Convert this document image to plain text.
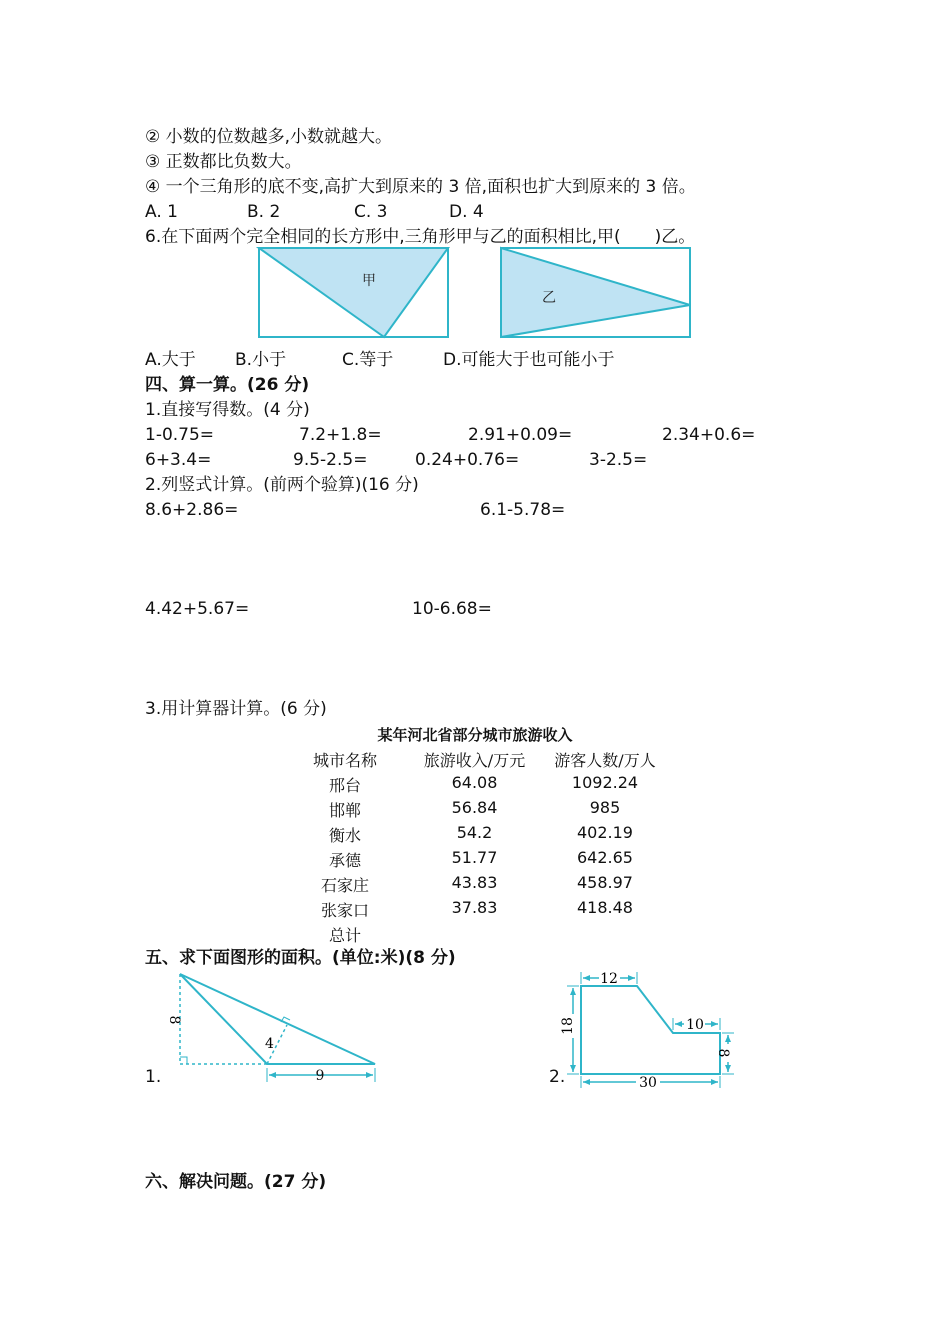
② 小数的位数越多,小数就越大。
③ 正数都比负数大。
④ 一个三角形的底不变,高扩大到原来的 3 倍,面积也扩大到原来的 3 倍。
A. 1	B. 2	C. 3	D. 4
6.在下面两个完全相同的长方形中,三角形甲与乙的面积相比,甲(　　)乙。
甲
乙
A.大于 B.小于	C.等于	D.可能大于也可能小于
四、算一算。(26 分)
1.直接写得数。(4 分)
1-0.75=	7.2+1.8=	2.91+0.09=	2.34+0.6=
6+3.4=	9.5-2.5=	0.24+0.76=	3-2.5=
2.列竖式计算。(前两个验算)(16 分)
8.6+2.86=	6.1-5.78=
4.42+5.67=	10-6.68=
3.用计算器计算。(6 分)
某年河北省部分城市旅游收入
城市名称	旅游收入/万元	游客人数/万人
邢台	64.08	1092.24
邯郸	56.84	985
衡水	54.2	402.19
承德	51.77	642.65
石家庄	43.83	458.97
张家口	37.83	418.48
总计
五、求下面图形的面积。(单位:米)(8 分)
1.
8
4
9	2.
12
18	10
8
30
六、解决问题。(27 分)
